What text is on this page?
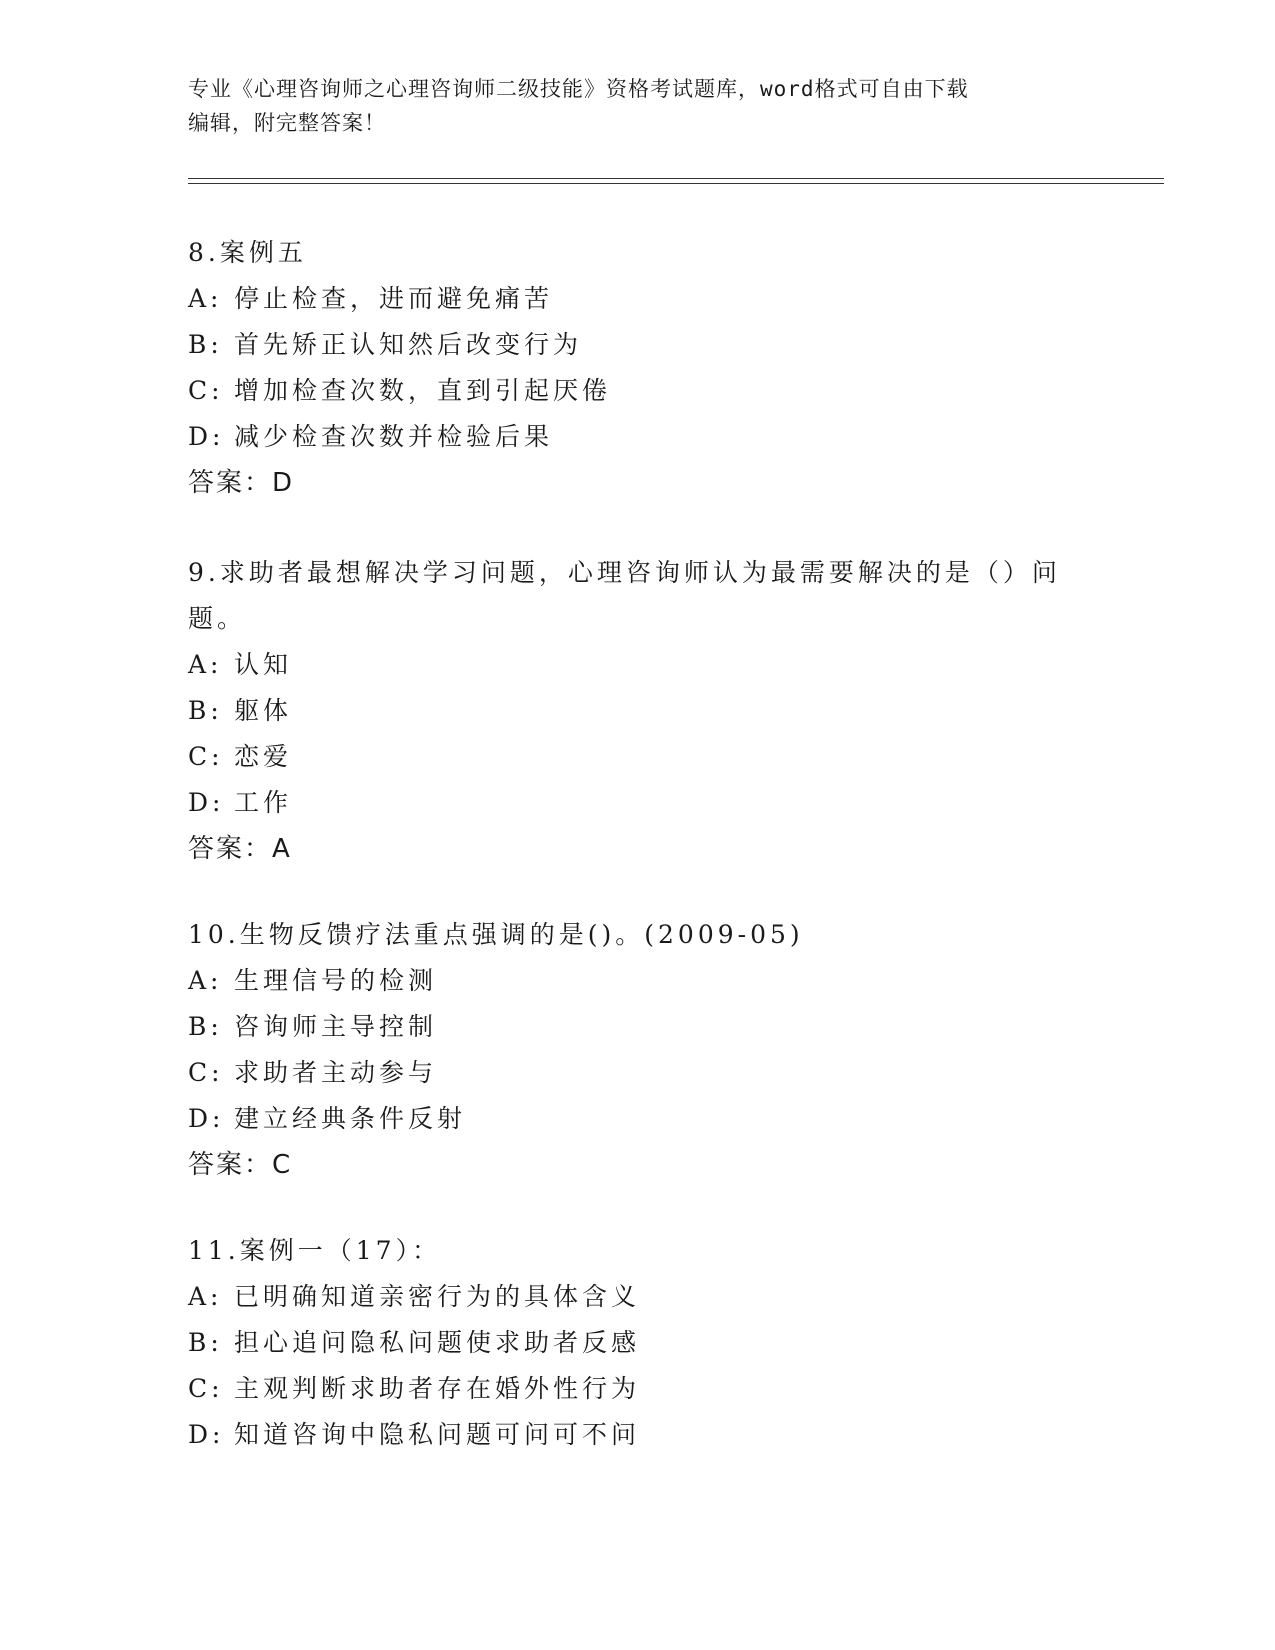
专业《心理咨询师之心理咨询师二级技能》资格考试题库，word格式可自由下载
编辑，附完整答案！
8.案例五
A: 停止检查，进而避免痛苦
B: 首先矫正认知然后改变行为
C: 增加检查次数，直到引起厌倦
D: 减少检查次数并检验后果
答案：D
9.求助者最想解决学习问题，心理咨询师认为最需要解决的是（）问题。
A: 认知
B: 躯体
C: 恋爱
D: 工作
答案：A
10.生物反馈疗法重点强调的是()。(2009-05)
A: 生理信号的检测
B: 咨询师主导控制
C: 求助者主动参与
D: 建立经典条件反射
答案：C
11.案例一（17）：
A: 已明确知道亲密行为的具体含义
B: 担心追问隐私问题使求助者反感
C: 主观判断求助者存在婚外性行为
D: 知道咨询中隐私问题可问可不问
